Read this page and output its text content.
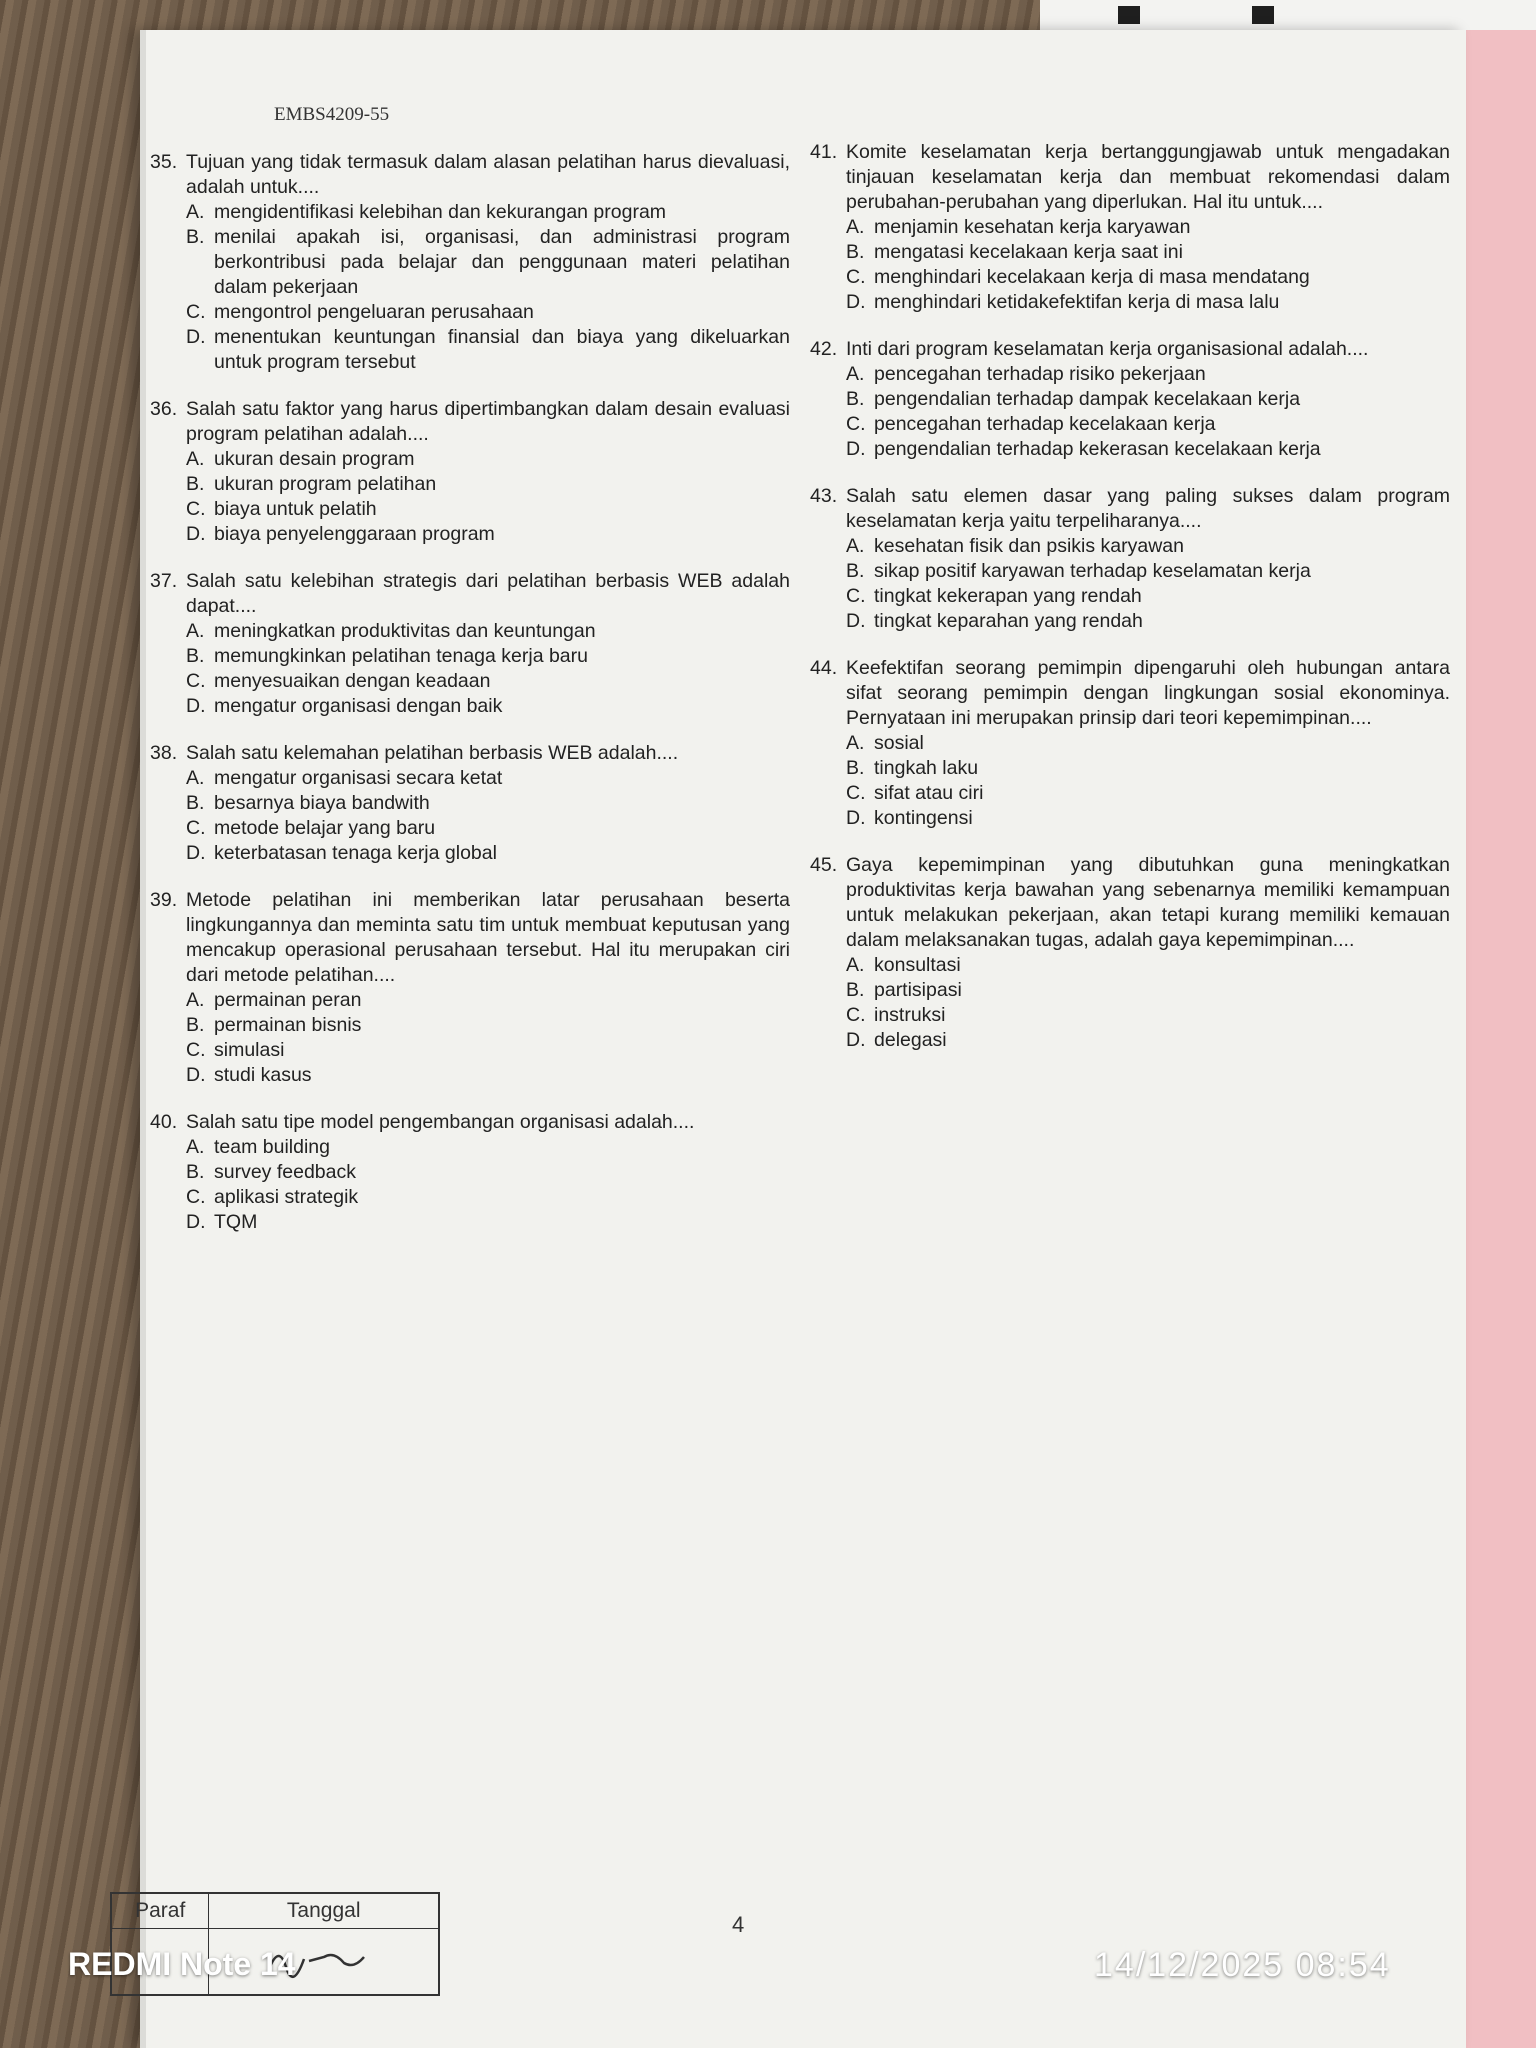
EMBS4209-55
35. Tujuan yang tidak termasuk dalam alasan pelatihan harus dievaluasi, adalah untuk....
A. mengidentifikasi kelebihan dan kekurangan program
B. menilai apakah isi, organisasi, dan administrasi program berkontribusi pada belajar dan penggunaan materi pelatihan dalam pekerjaan
C. mengontrol pengeluaran perusahaan
D. menentukan keuntungan finansial dan biaya yang dikeluarkan untuk program tersebut
36. Salah satu faktor yang harus dipertimbangkan dalam desain evaluasi program pelatihan adalah....
A. ukuran desain program
B. ukuran program pelatihan
C. biaya untuk pelatih
D. biaya penyelenggaraan program
37. Salah satu kelebihan strategis dari pelatihan berbasis WEB adalah dapat....
A. meningkatkan produktivitas dan keuntungan
B. memungkinkan pelatihan tenaga kerja baru
C. menyesuaikan dengan keadaan
D. mengatur organisasi dengan baik
38. Salah satu kelemahan pelatihan berbasis WEB adalah....
A. mengatur organisasi secara ketat
B. besarnya biaya bandwith
C. metode belajar yang baru
D. keterbatasan tenaga kerja global
39. Metode pelatihan ini memberikan latar perusahaan beserta lingkungannya dan meminta satu tim untuk membuat keputusan yang mencakup operasional perusahaan tersebut. Hal itu merupakan ciri dari metode pelatihan....
A. permainan peran
B. permainan bisnis
C. simulasi
D. studi kasus
40. Salah satu tipe model pengembangan organisasi adalah....
A. team building
B. survey feedback
C. aplikasi strategik
D. TQM
41. Komite keselamatan kerja bertanggungjawab untuk mengadakan tinjauan keselamatan kerja dan membuat rekomendasi dalam perubahan-perubahan yang diperlukan. Hal itu untuk....
A. menjamin kesehatan kerja karyawan
B. mengatasi kecelakaan kerja saat ini
C. menghindari kecelakaan kerja di masa mendatang
D. menghindari ketidakefektifan kerja di masa lalu
42. Inti dari program keselamatan kerja organisasional adalah....
A. pencegahan terhadap risiko pekerjaan
B. pengendalian terhadap dampak kecelakaan kerja
C. pencegahan terhadap kecelakaan kerja
D. pengendalian terhadap kekerasan kecelakaan kerja
43. Salah satu elemen dasar yang paling sukses dalam program keselamatan kerja yaitu terpeliharanya....
A. kesehatan fisik dan psikis karyawan
B. sikap positif karyawan terhadap keselamatan kerja
C. tingkat kekerapan yang rendah
D. tingkat keparahan yang rendah
44. Keefektifan seorang pemimpin dipengaruhi oleh hubungan antara sifat seorang pemimpin dengan lingkungan sosial ekonominya. Pernyataan ini merupakan prinsip dari teori kepemimpinan....
A. sosial
B. tingkah laku
C. sifat atau ciri
D. kontingensi
45. Gaya kepemimpinan yang dibutuhkan guna meningkatkan produktivitas kerja bawahan yang sebenarnya memiliki kemampuan untuk melakukan pekerjaan, akan tetapi kurang memiliki kemauan dalam melaksanakan tugas, adalah gaya kepemimpinan....
A. konsultasi
B. partisipasi
C. instruksi
D. delegasi
4
Paraf	Tanggal

REDMI Note 14	14/12/2025 08:54
